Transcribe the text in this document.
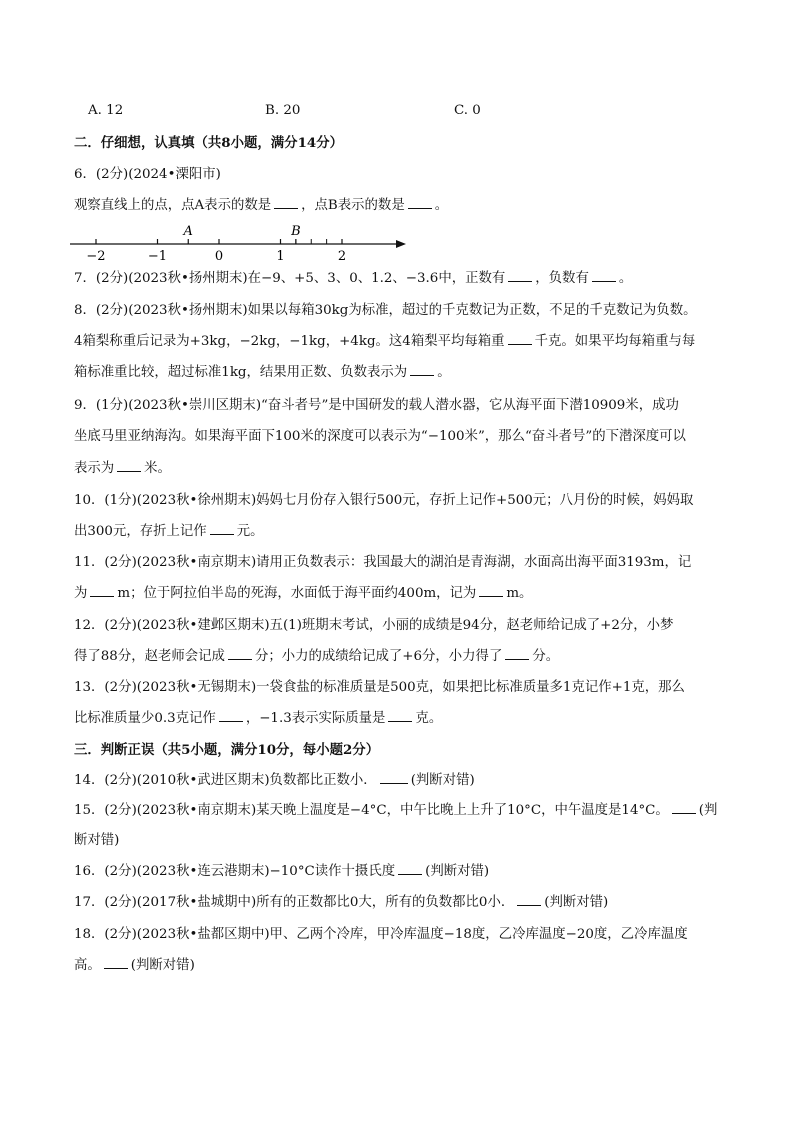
A. 12	B. 20	C. 0
二．仔细想，认真填（共8小题，满分14分）
6．(2分)(2024•溧阳市)
观察直线上的点，点A表示的数是 ，点B表示的数是 。
−2	−1	0	1	2
A	B
7．(2分)(2023秋•扬州期末)在−9、+5、3、0、1.2、−3.6中，正数有 ，负数有 。
8．(2分)(2023秋•扬州期末)如果以每箱30kg为标准，超过的千克数记为正数，不足的千克数记为负数。
4箱梨称重后记录为+3kg，−2kg，−1kg，+4kg。这4箱梨平均每箱重 千克。如果平均每箱重与每
箱标准重比较，超过标准1kg，结果用正数、负数表示为 。
9．(1分)(2023秋•崇川区期末)“奋斗者号”是中国研发的载人潜水器，它从海平面下潜10909米，成功
坐底马里亚纳海沟。如果海平面下100米的深度可以表示为“−100米”，那么“奋斗者号”的下潜深度可以
表示为 米。
10．(1分)(2023秋•徐州期末)妈妈七月份存入银行500元，存折上记作+500元；八月份的时候，妈妈取
出300元，存折上记作 元。
11．(2分)(2023秋•南京期末)请用正负数表示：我国最大的湖泊是青海湖，水面高出海平面3193m，记
为 m；位于阿拉伯半岛的死海，水面低于海平面约400m，记为 m。
12．(2分)(2023秋•建邺区期末)五(1)班期末考试，小丽的成绩是94分，赵老师给记成了+2分，小梦
得了88分，赵老师会记成 分；小力的成绩给记成了+6分，小力得了 分。
13．(2分)(2023秋•无锡期末)一袋食盐的标准质量是500克，如果把比标准质量多1克记作+1克，那么
比标准质量少0.3克记作 ，−1.3表示实际质量是 克。
三．判断正误（共5小题，满分10分，每小题2分）
14．(2分)(2010秋•武进区期末)负数都比正数小．	(判断对错)
15．(2分)(2023秋•南京期末)某天晚上温度是−4°C，中午比晚上上升了10°C，中午温度是14°C。 (判
断对错)
16．(2分)(2023秋•连云港期末)−10°C读作十摄氏度 (判断对错)
17．(2分)(2017秋•盐城期中)所有的正数都比0大，所有的负数都比0小． (判断对错)
18．(2分)(2023秋•盐都区期中)甲、乙两个冷库，甲冷库温度−18度，乙冷库温度−20度，乙冷库温度
高。 (判断对错)
